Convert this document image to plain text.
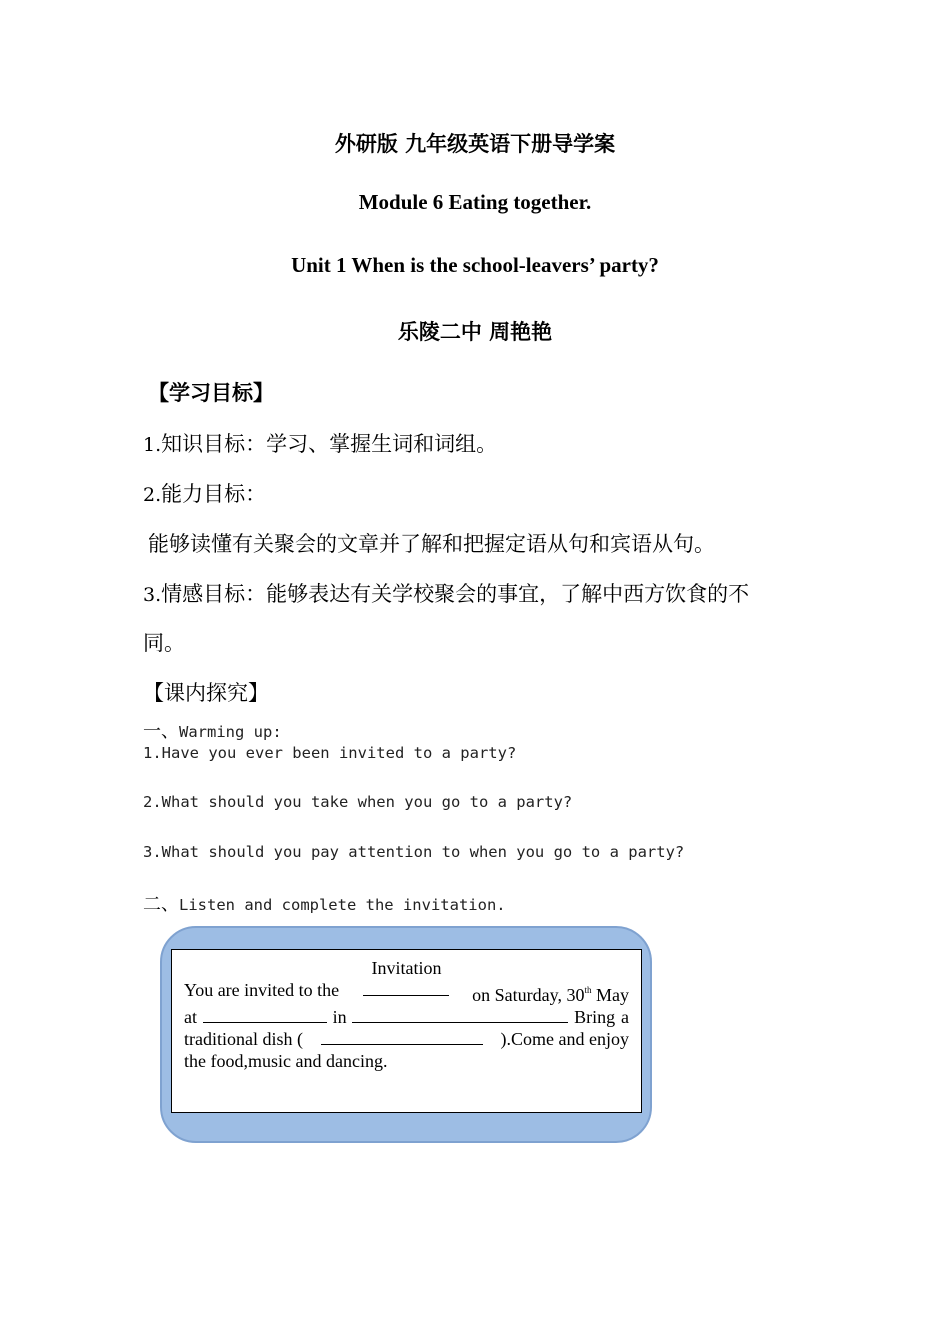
外研版 九年级英语下册导学案
Module 6 Eating together.
Unit 1 When is the school-leavers’ party?
乐陵二中 周艳艳
【学习目标】
1.知识目标：学习、掌握生词和词组。
2.能力目标：
能够读懂有关聚会的文章并了解和把握定语从句和宾语从句。
3.情感目标：能够表达有关学校聚会的事宜，了解中西方饮食的不
同。
【课内探究】
一、Warming up:
1.Have you ever been invited to a party?
2.What should you take when you go to a party?
3.What should you pay attention to when you go to a party?
二、Listen and complete the invitation.
Invitation
You are invited to the	on Saturday, 30th May
at	in	Bring a
traditional dish (	).Come and enjoy
the food,music and dancing.
